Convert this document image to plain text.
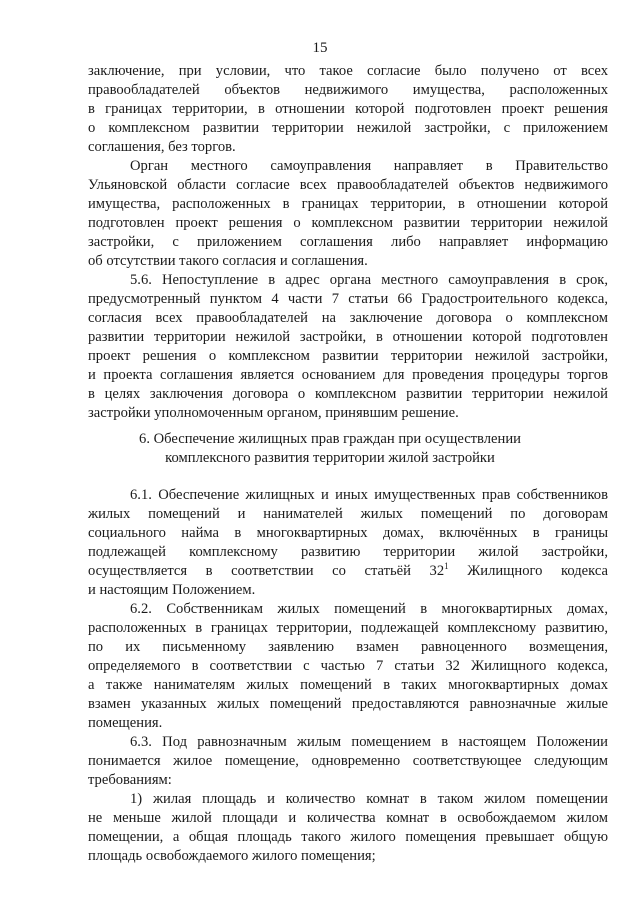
15
заключение, при условии, что такое согласие было получено от всех
правообладателей объектов недвижимого имущества, расположенных
в границах территории, в отношении которой подготовлен проект решения
о комплексном развитии территории нежилой застройки, с приложением
соглашения, без торгов.
Орган местного самоуправления направляет в Правительство
Ульяновской области согласие всех правообладателей объектов недвижимого
имущества, расположенных в границах территории, в отношении которой
подготовлен проект решения о комплексном развитии территории нежилой
застройки, с приложением соглашения либо направляет информацию
об отсутствии такого согласия и соглашения.
5.6. Непоступление в адрес органа местного самоуправления в срок,
предусмотренный пунктом 4 части 7 статьи 66 Градостроительного кодекса,
согласия всех правообладателей на заключение договора о комплексном
развитии территории нежилой застройки, в отношении которой подготовлен
проект решения о комплексном развитии территории нежилой застройки,
и проекта соглашения является основанием для проведения процедуры торгов
в целях заключения договора о комплексном развитии территории нежилой
застройки уполномоченным органом, принявшим решение.
6. Обеспечение жилищных прав граждан при осуществлении
комплексного развития территории жилой застройки
6.1. Обеспечение жилищных и иных имущественных прав собственников
жилых помещений и нанимателей жилых помещений по договорам
социального найма в многоквартирных домах, включённых в границы
подлежащей комплексному развитию территории жилой застройки,
осуществляется в соответствии со статьёй $32^1$ Жилищного кодекса
и настоящим Положением.
6.2. Собственникам жилых помещений в многоквартирных домах,
расположенных в границах территории, подлежащей комплексному развитию,
по их письменному заявлению взамен равноценного возмещения,
определяемого в соответствии с частью 7 статьи 32 Жилищного кодекса,
а также нанимателям жилых помещений в таких многоквартирных домах
взамен указанных жилых помещений предоставляются равнозначные жилые
помещения.
6.3. Под равнозначным жилым помещением в настоящем Положении
понимается жилое помещение, одновременно соответствующее следующим
требованиям:
1) жилая площадь и количество комнат в таком жилом помещении
не меньше жилой площади и количества комнат в освобождаемом жилом
помещении, а общая площадь такого жилого помещения превышает общую
площадь освобождаемого жилого помещения;
